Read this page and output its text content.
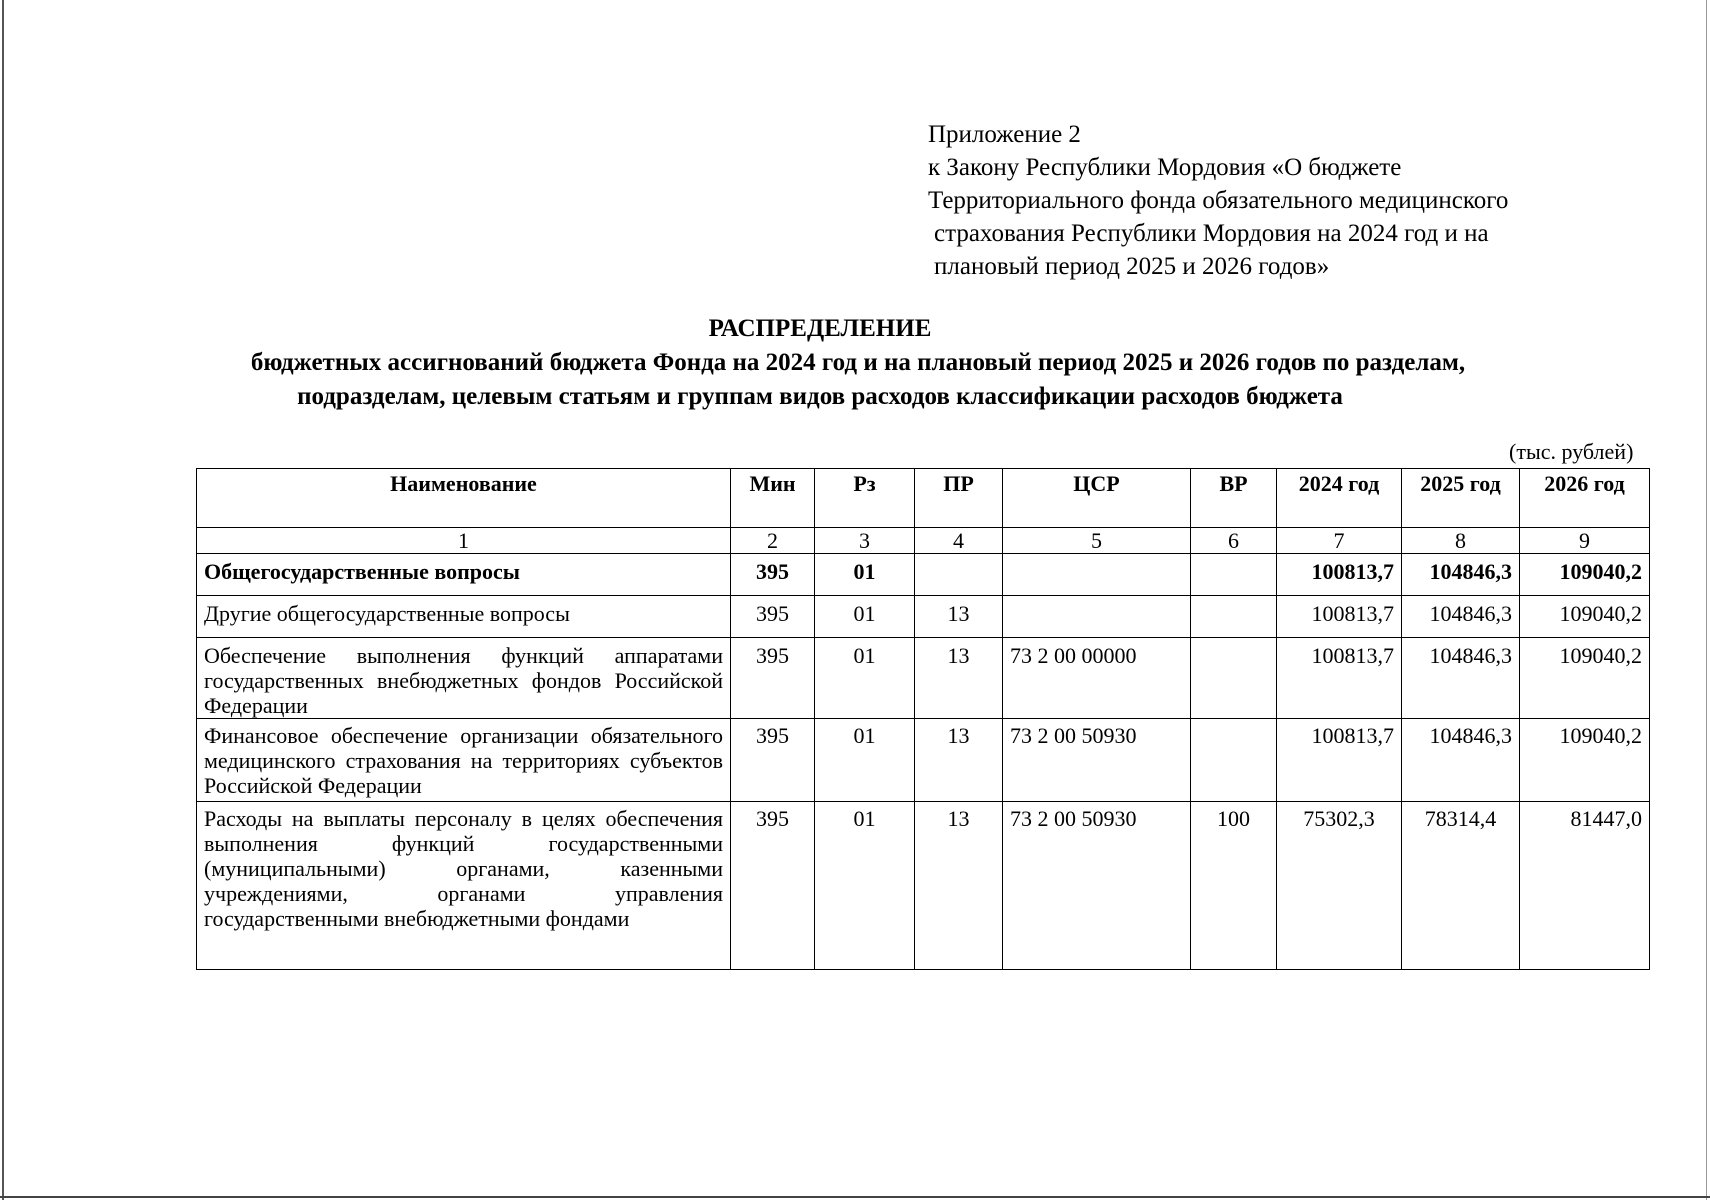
Приложение 2
к Закону Республики Мордовия «О бюджете
Территориального фонда обязательного медицинского
страхования Республики Мордовия на 2024 год и на
плановый период 2025 и 2026 годов»
РАСПРЕДЕЛЕНИЕ
бюджетных ассигнований бюджета Фонда на 2024 год и на плановый период 2025 и 2026 годов по разделам,
подразделам, целевым статьям и группам видов расходов классификации расходов бюджета
(тыс. рублей)
Наименование	Мин	Рз	ПР	ЦСР	ВР	2024 год	2025 год	2026 год
1	2	3	4	5	6	7	8	9
Общегосударственные вопросы	395	01				100813,7	104846,3	109040,2
Другие общегосударственные вопросы	395	01	13			100813,7	104846,3	109040,2
Обеспечение выполнения функций аппаратами государственных внебюджетных фондов Российской Федерации	395	01	13	73 2 00 00000		100813,7	104846,3	109040,2
Финансовое обеспечение организации обязательного медицинского страхования на территориях субъектов Российской Федерации	395	01	13	73 2 00 50930		100813,7	104846,3	109040,2
Расходы на выплаты персоналу в целях обеспечения выполнения функций государственными (муниципальными) органами, казенными учреждениями, органами управления государственными внебюджетными фондами	395	01	13	73 2 00 50930	100	75302,3	78314,4	81447,0
